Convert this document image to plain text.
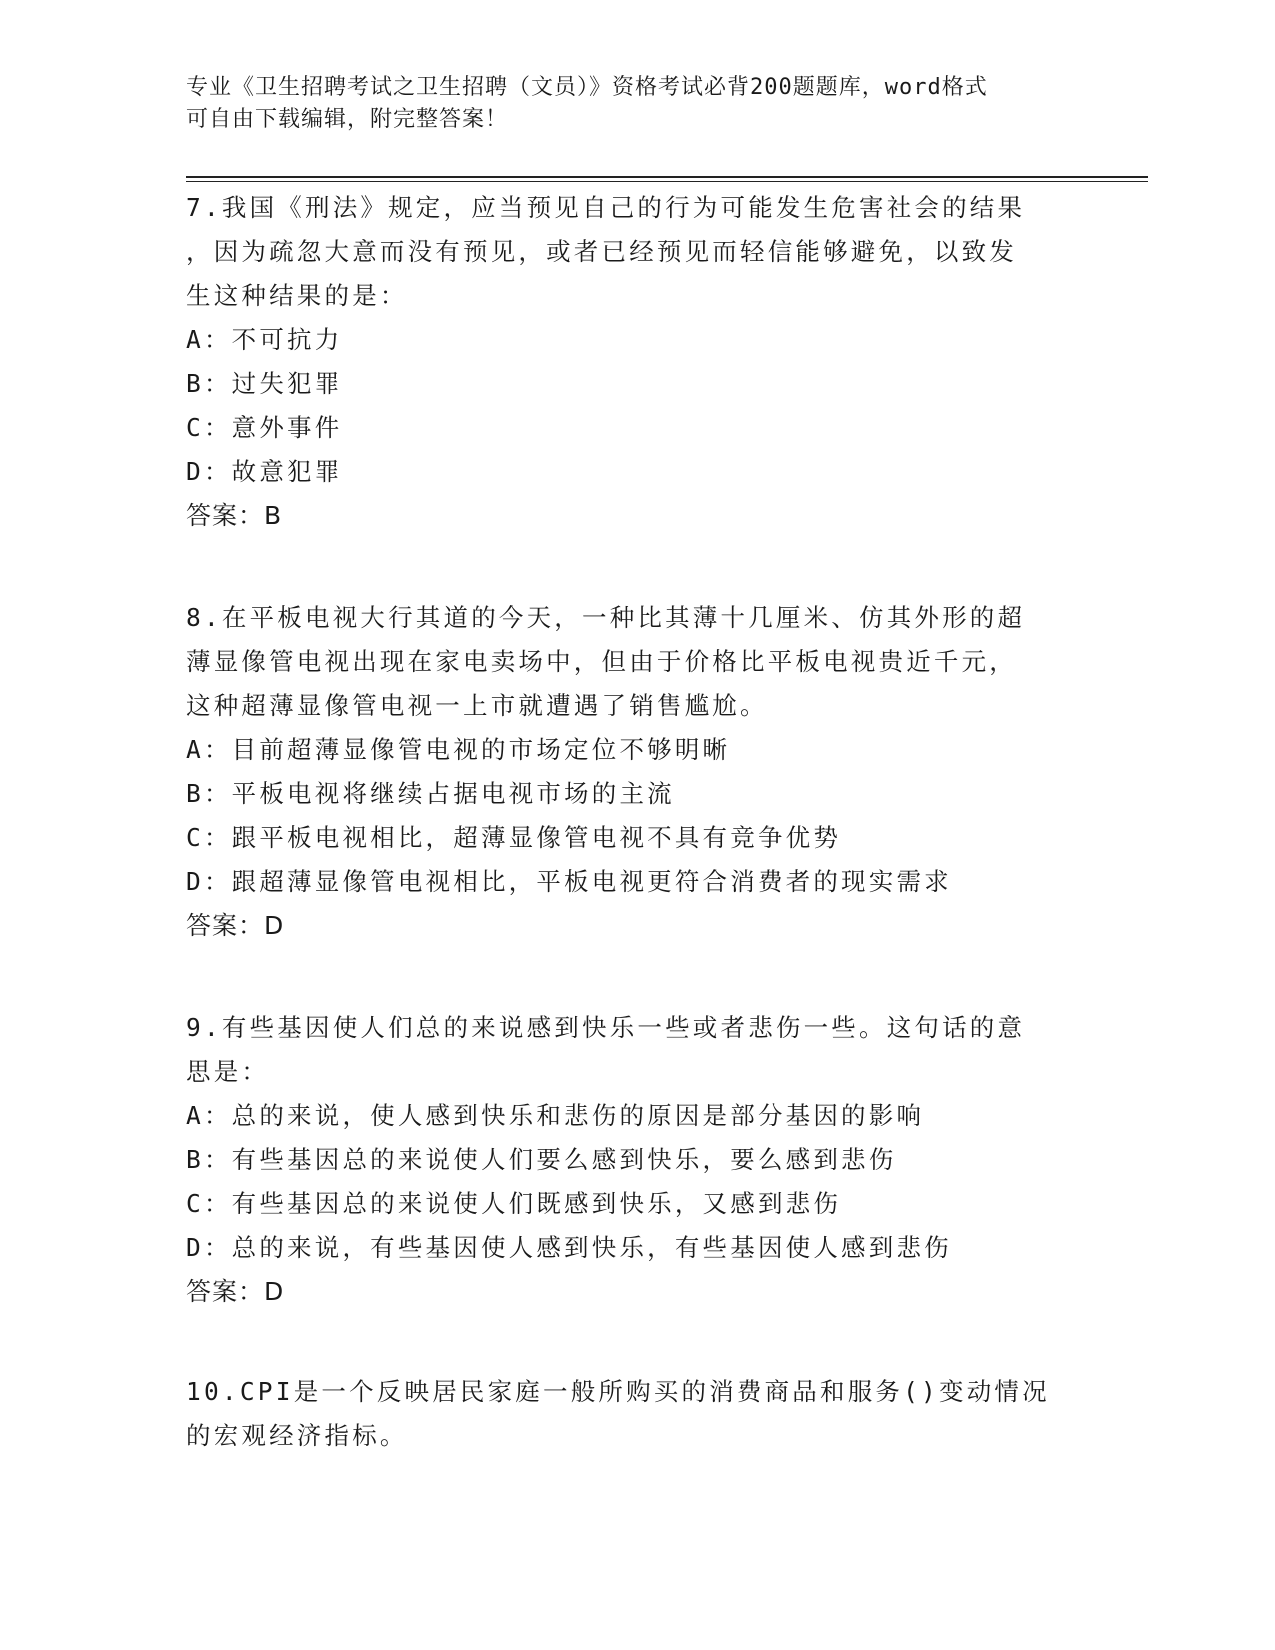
专业《卫生招聘考试之卫生招聘（文员）》资格考试必背200题题库，word格式
可自由下载编辑，附完整答案！

7.我国《刑法》规定，应当预见自己的行为可能发生危害社会的结果

，因为疏忽大意而没有预见，或者已经预见而轻信能够避免，以致发

生这种结果的是：

A：不可抗力

B：过失犯罪

C：意外事件

D：故意犯罪

答案：B

8.在平板电视大行其道的今天，一种比其薄十几厘米、仿其外形的超

薄显像管电视出现在家电卖场中，但由于价格比平板电视贵近千元，

这种超薄显像管电视一上市就遭遇了销售尴尬。

A：目前超薄显像管电视的市场定位不够明晰

B：平板电视将继续占据电视市场的主流

C：跟平板电视相比，超薄显像管电视不具有竞争优势

D：跟超薄显像管电视相比，平板电视更符合消费者的现实需求

答案：D

9.有些基因使人们总的来说感到快乐一些或者悲伤一些。这句话的意

思是：

A：总的来说，使人感到快乐和悲伤的原因是部分基因的影响

B：有些基因总的来说使人们要么感到快乐，要么感到悲伤

C：有些基因总的来说使人们既感到快乐，又感到悲伤

D：总的来说，有些基因使人感到快乐，有些基因使人感到悲伤

答案：D

10.CPI是一个反映居民家庭一般所购买的消费商品和服务()变动情况

的宏观经济指标。
